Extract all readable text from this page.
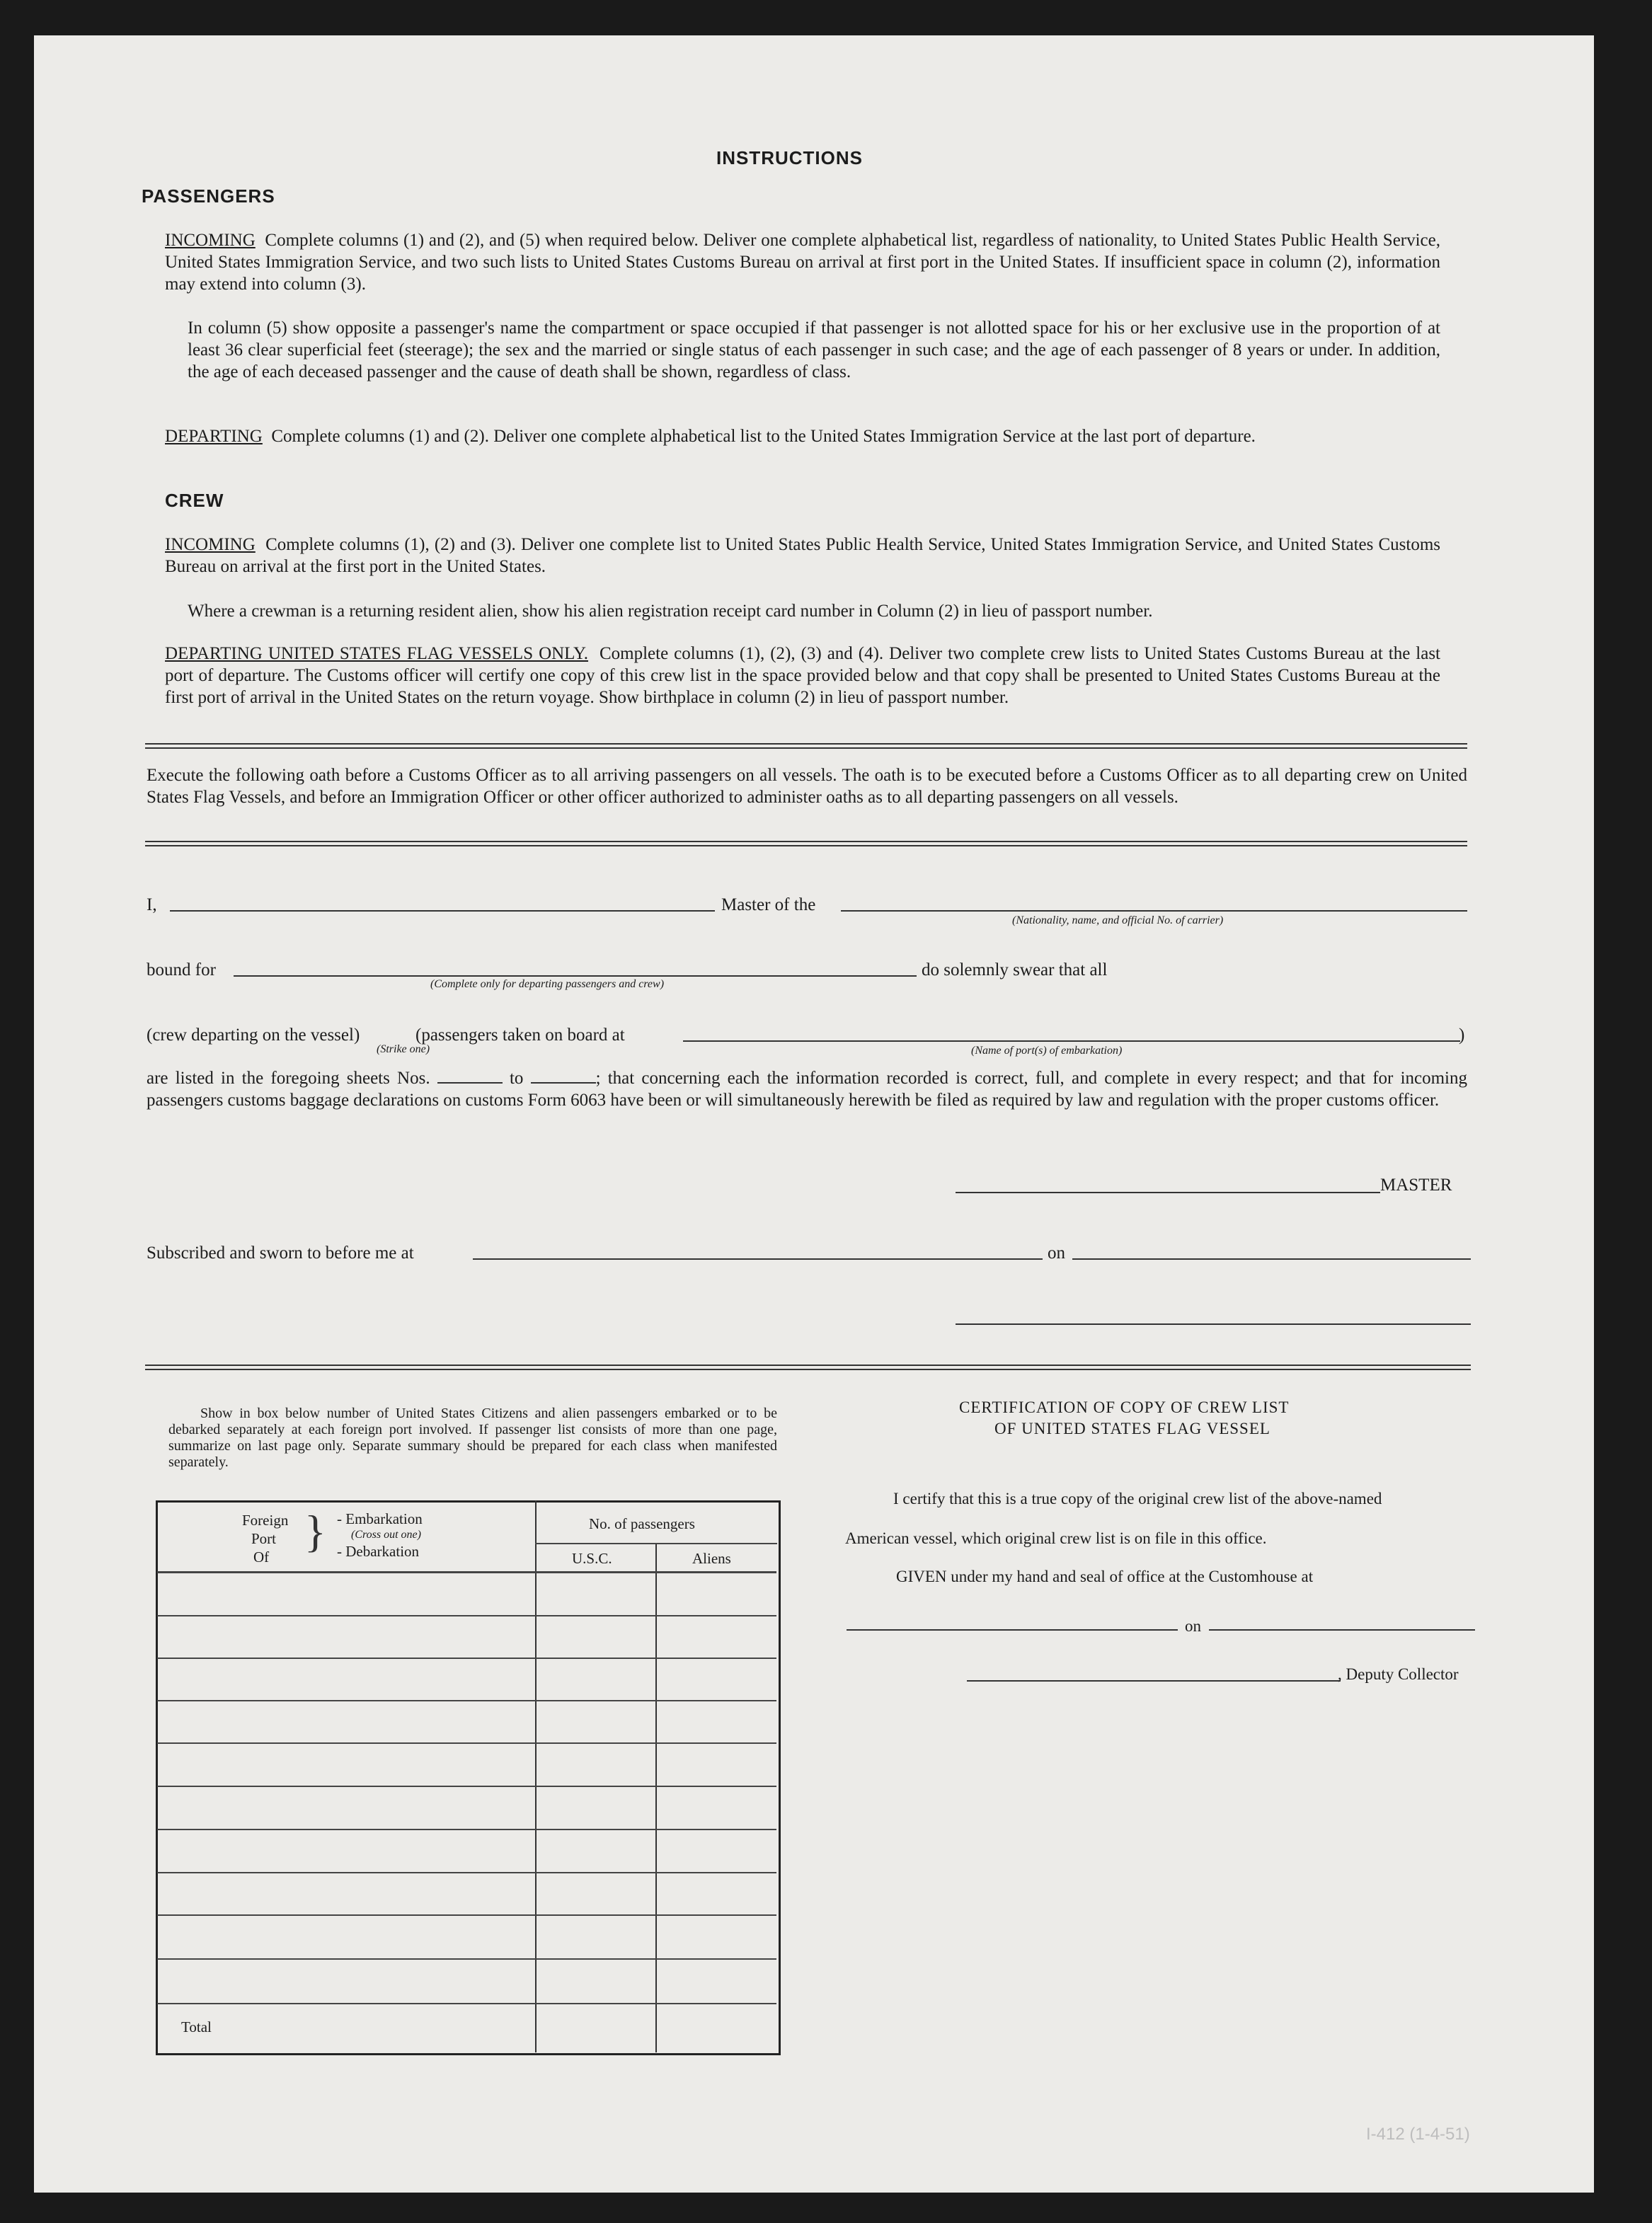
INSTRUCTIONS
PASSENGERS
INCOMING Complete columns (1) and (2), and (5) when required below. Deliver one complete alphabetical list, regardless of nationality, to United States Public Health Service, United States Immigration Service, and two such lists to United States Customs Bureau on arrival at first port in the United States. If insufficient space in column (2), information may extend into column (3).
In column (5) show opposite a passenger's name the compartment or space occupied if that passenger is not allotted space for his or her exclusive use in the proportion of at least 36 clear superficial feet (steerage); the sex and the married or single status of each passenger in such case; and the age of each passenger of 8 years or under. In addition, the age of each deceased passenger and the cause of death shall be shown, regardless of class.
DEPARTING Complete columns (1) and (2). Deliver one complete alphabetical list to the United States Immigration Service at the last port of departure.
CREW
INCOMING Complete columns (1), (2) and (3). Deliver one complete list to United States Public Health Service, United States Immigration Service, and United States Customs Bureau on arrival at the first port in the United States.
Where a crewman is a returning resident alien, show his alien registration receipt card number in Column (2) in lieu of passport number.
DEPARTING UNITED STATES FLAG VESSELS ONLY. Complete columns (1), (2), (3) and (4). Deliver two complete crew lists to United States Customs Bureau at the last port of departure. The Customs officer will certify one copy of this crew list in the space provided below and that copy shall be presented to United States Customs Bureau at the first port of arrival in the United States on the return voyage. Show birthplace in column (2) in lieu of passport number.
Execute the following oath before a Customs Officer as to all arriving passengers on all vessels. The oath is to be executed before a Customs Officer as to all departing crew on United States Flag Vessels, and before an Immigration Officer or other officer authorized to administer oaths as to all departing passengers on all vessels.
I,	Master of the
(Nationality, name, and official No. of carrier)
bound for
(Complete only for departing passengers and crew)
do solemnly swear that all
(crew departing on the vessel)	(passengers taken on board at
(Strike one)	(Name of port(s) of embarkation)
)
are listed in the foregoing sheets Nos.	to	; that concerning each the information recorded is correct, full, and complete in every respect; and that for incoming passengers customs baggage declarations on customs Form 6063 have been or will simultaneously herewith be filed as required by law and regulation with the proper customs officer.
MASTER
Subscribed and sworn to before me at	on
Show in box below number of United States Citizens and alien passengers embarked or to be debarked separately at each foreign port involved. If passenger list consists of more than one page, summarize on last page only. Separate summary should be prepared for each class when manifested separately.
Foreign
Port
Of
} - Embarkation
(Cross out one)
- Debarkation
No. of passengers
U.S.C.	Aliens
Total
CERTIFICATION OF COPY OF CREW LIST
OF UNITED STATES FLAG VESSEL
I certify that this is a true copy of the original crew list of the above-named
American vessel, which original crew list is on file in this office.
GIVEN under my hand and seal of office at the Customhouse at
on
, Deputy Collector
I-412 (1-4-51)
